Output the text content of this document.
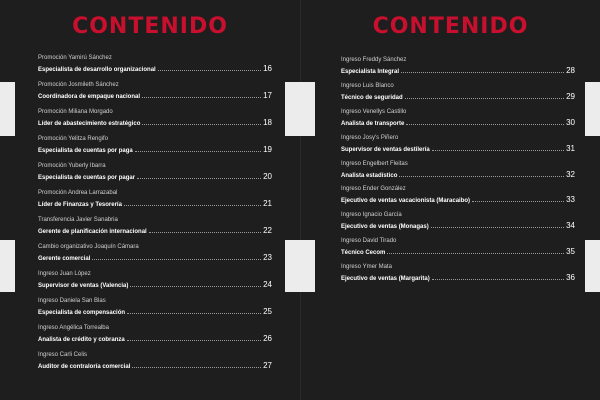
CONTENIDO
Promoción Yamirú Sánchez
Especialista de desarrollo organizacional	16
Promoción Josmileth Sánchez
Coordinadora de empaque nacional	17
Promoción Miliana Morgado
Líder de abastecimiento estratégico	18
Promoción Yelitza Rengifo
Especialista de cuentas por paga	19
Promoción Yuberly Ibarra
Especialista de cuentas por pagar	20
Promoción Andrea Larrazabal
Líder de Finanzas y Tesorería	21
Transferencia Javier Sanabria
Gerente de planificación internacional	22
Cambio organizativo Joaquín Cámara
Gerente comercial	23
Ingreso Juan López
Supervisor de ventas (Valencia)	24
Ingreso Daniela San Blas
Especialista de compensación	25
Ingreso Angélica Torrealba
Analista de crédito y cobranza	26
Ingreso Carli Celis
Auditor de contraloría comercial	27
CONTENIDO
Ingreso Freddy Sánchez
Especialista Integral	28
Ingreso Luis Blanco
Técnico de seguridad	29
Ingreso Venellys Castillo
Analista de transporte	30
Ingreso Josy's Piñero
Supervisor de ventas destilería	31
Ingreso Engelbert Fleitas
Analista estadístico	32
Ingreso Ender González
Ejecutivo de ventas vacacionista (Maracaibo)	33
Ingreso Ignacio García
Ejecutivo de ventas (Monagas)	34
Ingreso David Tirado
Técnico Cecom	35
Ingreso Ymer Mata
Ejecutivo de ventas (Margarita)	36
